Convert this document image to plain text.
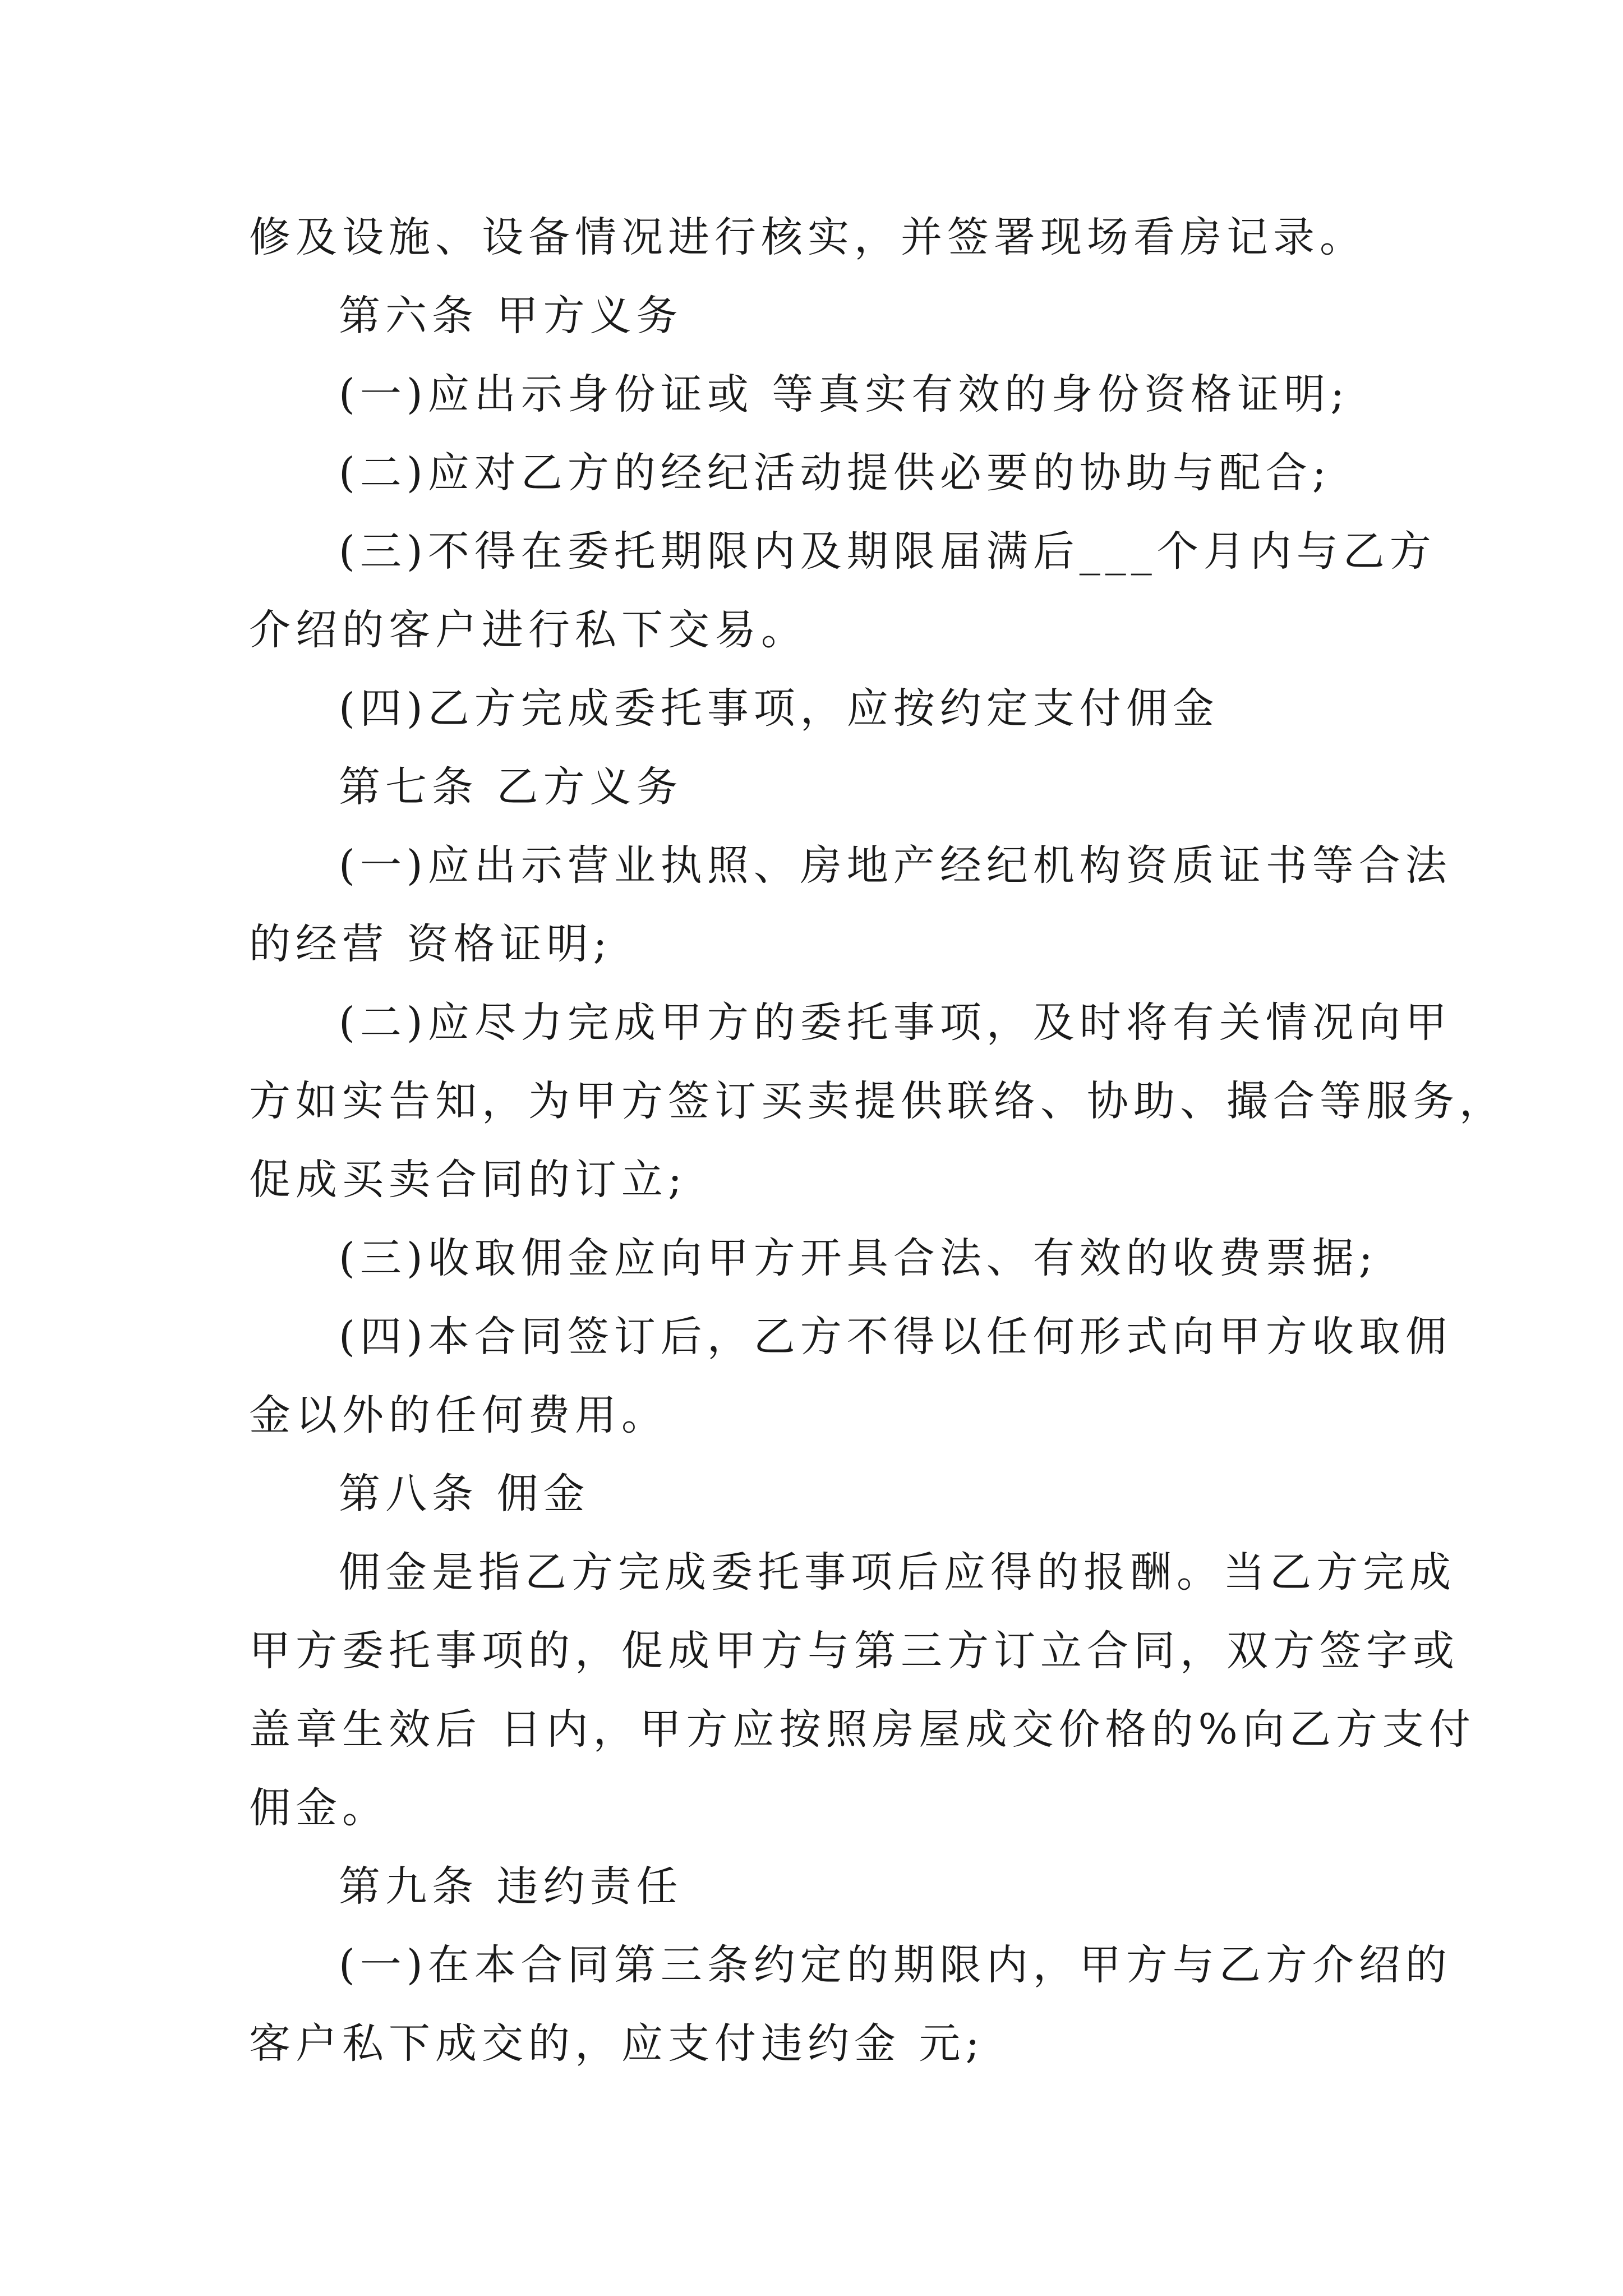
修及设施、设备情况进行核实，并签署现场看房记录。
第六条 甲方义务
(一)应出示身份证或 等真实有效的身份资格证明;
(二)应对乙方的经纪活动提供必要的协助与配合;
(三)不得在委托期限内及期限届满后___个月内与乙方
介绍的客户进行私下交易。
(四)乙方完成委托事项，应按约定支付佣金
第七条 乙方义务
(一)应出示营业执照、房地产经纪机构资质证书等合法
的经营 资格证明;
(二)应尽力完成甲方的委托事项，及时将有关情况向甲
方如实告知，为甲方签订买卖提供联络、协助、撮合等服务，
促成买卖合同的订立;
(三)收取佣金应向甲方开具合法、有效的收费票据;
(四)本合同签订后，乙方不得以任何形式向甲方收取佣
金以外的任何费用。
第八条 佣金
佣金是指乙方完成委托事项后应得的报酬。当乙方完成
甲方委托事项的，促成甲方与第三方订立合同，双方签字或
盖章生效后 日内，甲方应按照房屋成交价格的%向乙方支付
佣金。
第九条 违约责任
(一)在本合同第三条约定的期限内，甲方与乙方介绍的
客户私下成交的，应支付违约金 元;
